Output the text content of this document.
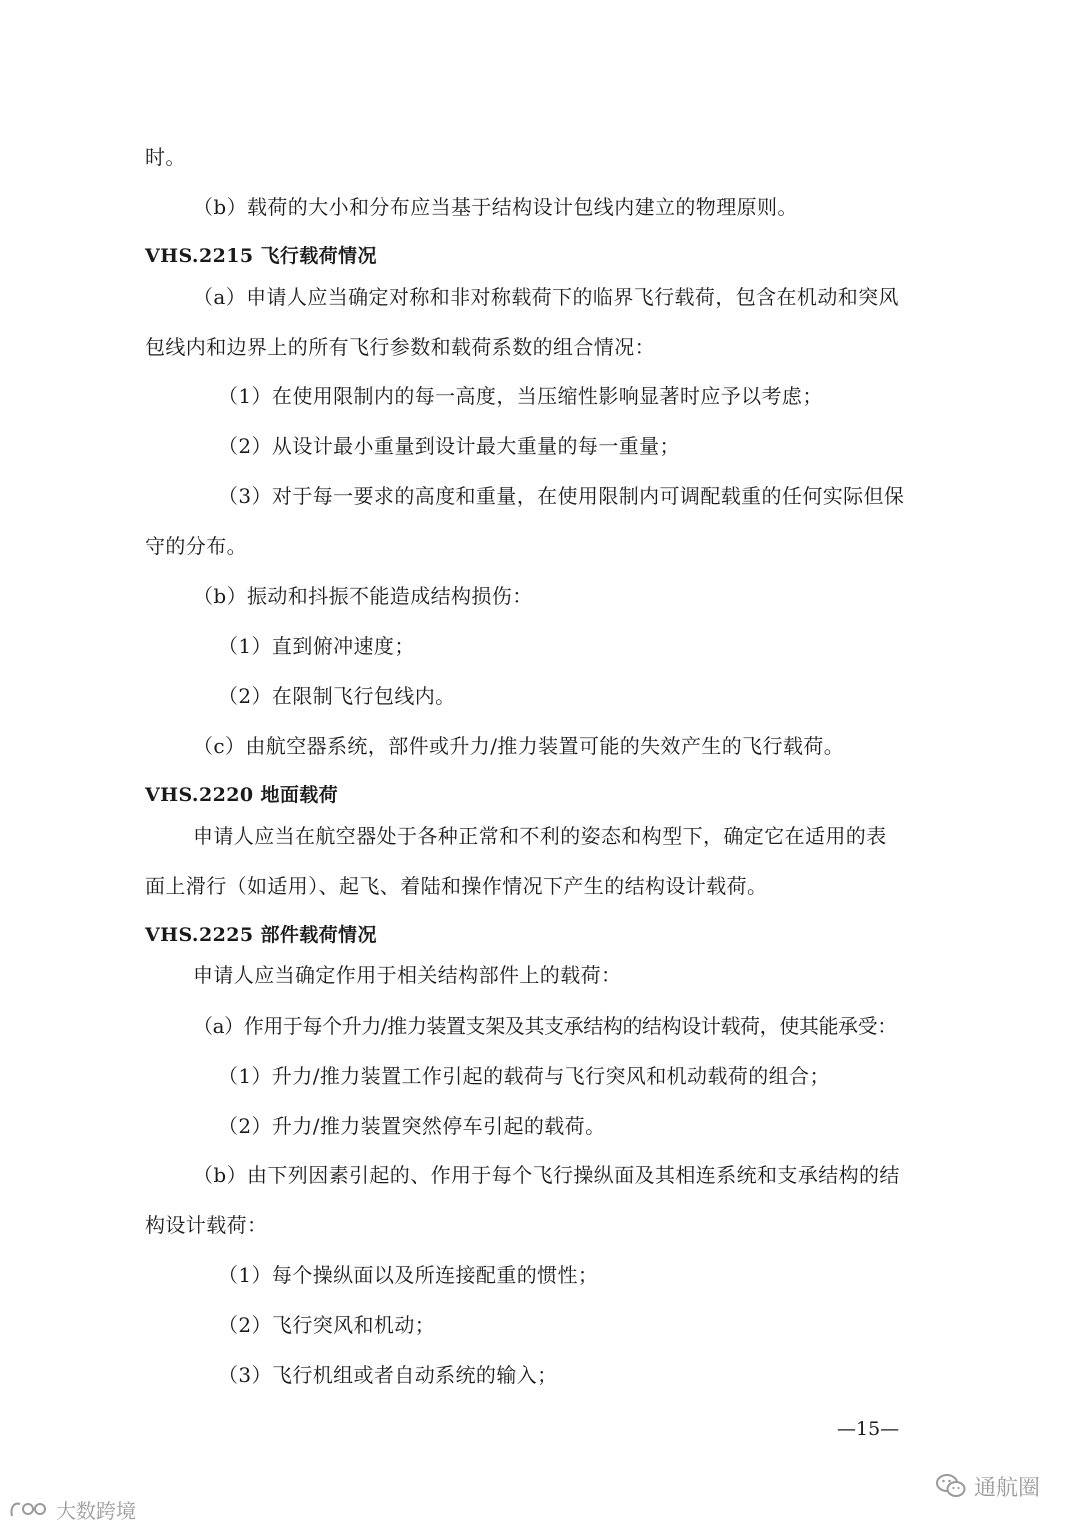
时。
（b）载荷的大小和分布应当基于结构设计包线内建立的物理原则。
VHS.2215 飞行载荷情况
（a）申请人应当确定对称和非对称载荷下的临界飞行载荷，包含在机动和突风
包线内和边界上的所有飞行参数和载荷系数的组合情况：
（1）在使用限制内的每一高度，当压缩性影响显著时应予以考虑；
（2）从设计最小重量到设计最大重量的每一重量；
（3）对于每一要求的高度和重量，在使用限制内可调配载重的任何实际但保
守的分布。
（b）振动和抖振不能造成结构损伤：
（1）直到俯冲速度；
（2）在限制飞行包线内。
（c）由航空器系统，部件或升力/推力装置可能的失效产生的飞行载荷。
VHS.2220 地面载荷
申请人应当在航空器处于各种正常和不利的姿态和构型下，确定它在适用的表
面上滑行（如适用）、起飞、着陆和操作情况下产生的结构设计载荷。
VHS.2225 部件载荷情况
申请人应当确定作用于相关结构部件上的载荷：
（a）作用于每个升力/推力装置支架及其支承结构的结构设计载荷，使其能承受：
（1）升力/推力装置工作引起的载荷与飞行突风和机动载荷的组合；
（2）升力/推力装置突然停车引起的载荷。
（b）由下列因素引起的、作用于每个飞行操纵面及其相连系统和支承结构的结
构设计载荷：
（1）每个操纵面以及所连接配重的惯性；
（2）飞行突风和机动；
（3）飞行机组或者自动系统的输入；
—15—
通航圈
大数跨境
